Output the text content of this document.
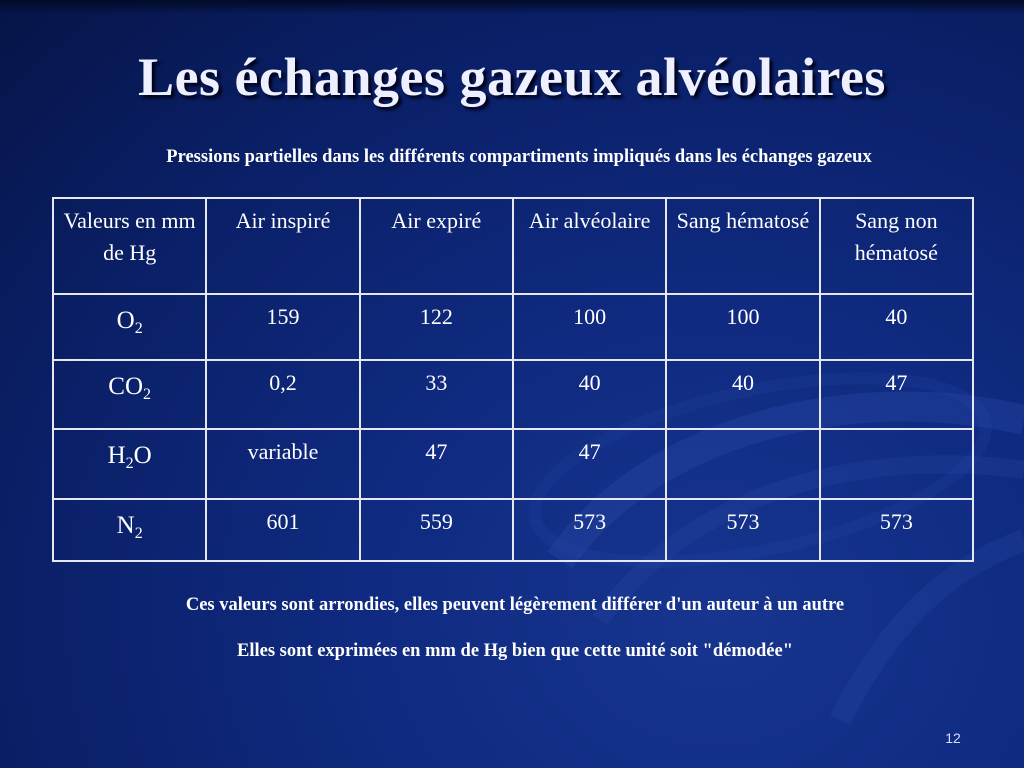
Les échanges gazeux alvéolaires
Pressions partielles dans les différents compartiments impliqués dans les échanges gazeux
Valeurs en mm de Hg	Air inspiré	Air expiré	Air alvéolaire	Sang hématosé	Sang non hématosé
$O_2$	159	122	100	100	40
$CO_2$	0,2	33	40	40	47
$H_2O$	variable	47	47		
$N_2$	601	559	573	573	573
Ces valeurs sont arrondies, elles peuvent légèrement différer d'un auteur à un autre
Elles sont exprimées en mm de Hg bien que cette unité soit "démodée"
12
